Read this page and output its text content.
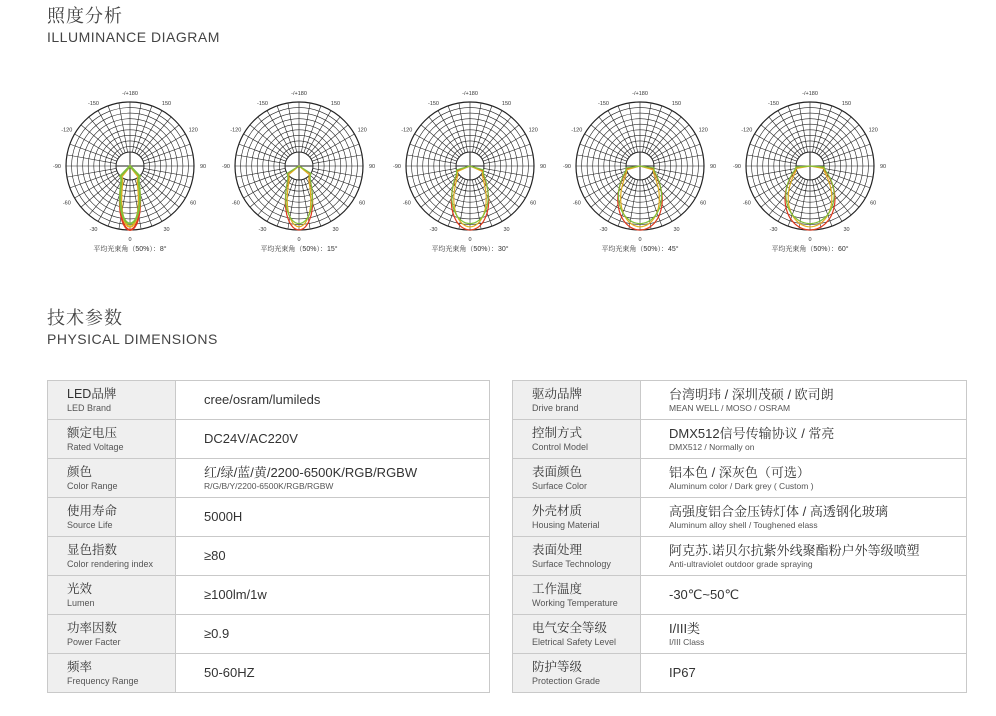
照度分析
ILLUMINANCE DIAGRAM
-/+180
150
120
90
60
30
0
-30
-60
-90
-120
-150
平均光束角（50%）：8°
-/+180
150
120
90
60
30
0
-30
-60
-90
-120
-150
平均光束角（50%）：15°
-/+180
150
120
90
60
30
0
-30
-60
-90
-120
-150
平均光束角（50%）：30°
-/+180
150
120
90
60
30
0
-30
-60
-90
-120
-150
平均光束角（50%）：45°
-/+180
150
120
90
60
30
0
-30
-60
-90
-120
-150
平均光束角（50%）：60°
技术参数
PHYSICAL DIMENSIONS
LED品牌
LED Brand	cree/osram/lumileds

额定电压
Rated Voltage	DC24V/AC220V

颜色
Color Range	红/绿/蓝/黄/2200-6500K/RGB/RGBW
R/G/B/Y/2200-6500K/RGB/RGBW

使用寿命
Source Life	5000H

显色指数
Color rendering index	≥80

光效
Lumen	≥100lm/1w

功率因数
Power Facter	≥0.9

频率
Frequency Range	50-60HZ
驱动品牌
Drive brand	台湾明玮 / 深圳茂硕 / 欧司朗
MEAN WELL / MOSO / OSRAM

控制方式
Control Model	DMX512信号传输协议 / 常亮
DMX512 / Normally on

表面颜色
Surface Color	铝本色 / 深灰色（可选）
Aluminum color / Dark grey ( Custom )

外壳材质
Housing Material	高强度铝合金压铸灯体 / 高透钢化玻璃
Aluminum alloy shell / Toughened elass

表面处理
Surface Technology	阿克苏.诺贝尔抗紫外线聚酯粉户外等级喷塑
Anti-ultraviolet outdoor grade spraying

工作温度
Working Temperature	-30℃~50℃

电气安全等级
Eletrical Safety Level	I/III类
I/III Class

防护等级
Protection Grade	IP67
